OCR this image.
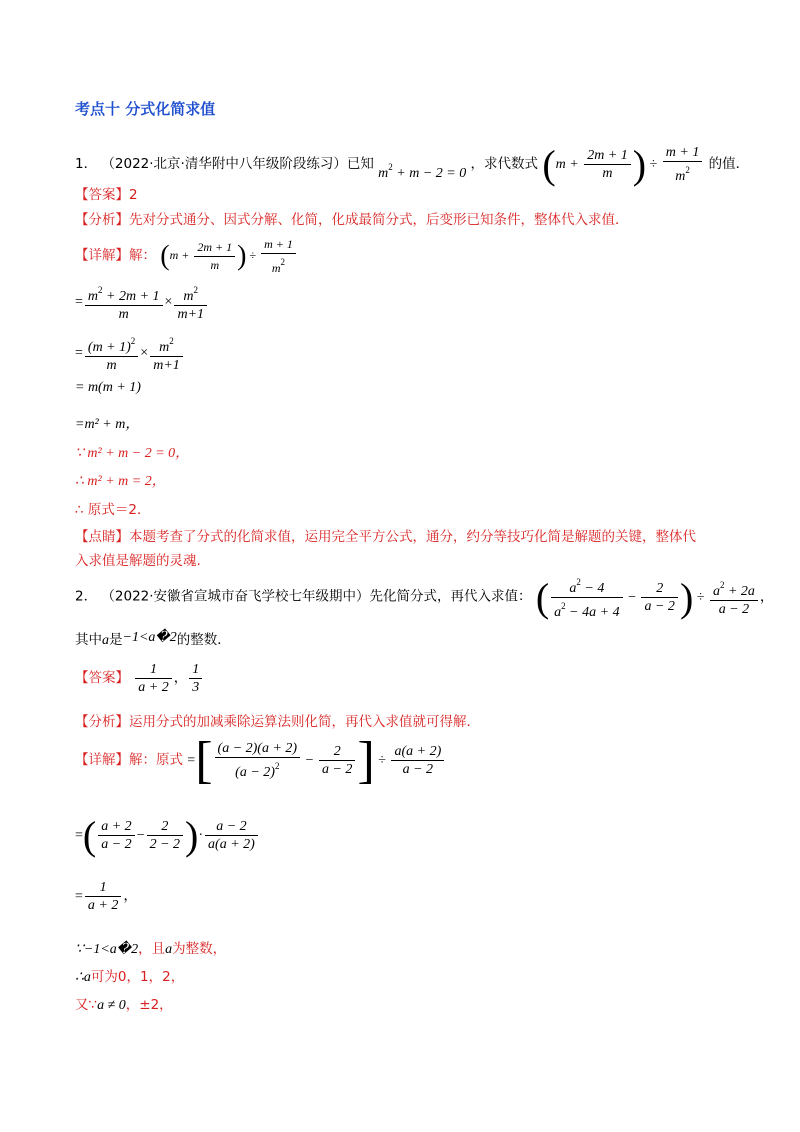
考点十 分式化简求值
1． （2022·北京·清华附中八年级阶段练习）已知 $m^2 + m - 2 = 0$ ，求代数式 ($m + \frac{2m + 1}{m}$ ) ÷ $\frac{m + 1}{m^2}$ 的值．
【答案】2
【分析】先对分式通分、因式分解、化简，化成最简分式，后变形已知条件，整体代入求值．
【详解】解： ($m + \frac{2m + 1}{m}$ ) ÷ $\frac{m + 1}{m^2}$
= $\frac{m^2 + 2m + 1}{m} \times \frac{m^2}{m+1}$
= $\frac{(m + 1)^2}{m} \times \frac{m^2}{m+1}$
= m(m + 1)
=m² + m，
∵ m² + m − 2 = 0，
∴ m² + m = 2，
∴ 原式＝2．
【点睛】本题考查了分式的化简求值，运用完全平方公式，通分，约分等技巧化简是解题的关键，整体代
入求值是解题的灵魂.
2． （2022·安徽省宣城市奋飞学校七年级期中）先化简分式，再代入求值： ( $\frac{a^2 - 4}{a^2 - 4a + 4} - \frac{2}{a - 2}$ ) ÷ $\frac{a^2 + 2a}{a - 2}$ ，
其中a是−1<a�2的整数．
【答案】 $\frac{1}{a + 2}$ ， $\frac{1}{3}$
【分析】运用分式的加减乘除运算法则化简，再代入求值就可得解．
【详解】解：原式 =[ $\frac{(a - 2)(a + 2)}{(a - 2)^2} - \frac{2}{a - 2}$ ] ÷ $\frac{a(a + 2)}{a - 2}$
=( $\frac{a + 2}{a - 2} - \frac{2}{2 - 2}$ )· $\frac{a - 2}{a(a + 2)}$
= $\frac{1}{a + 2}$ ，
∵−1<a�2，且a为整数，
∴a可为0，1，2，
又∵a ≠ 0，±2，
